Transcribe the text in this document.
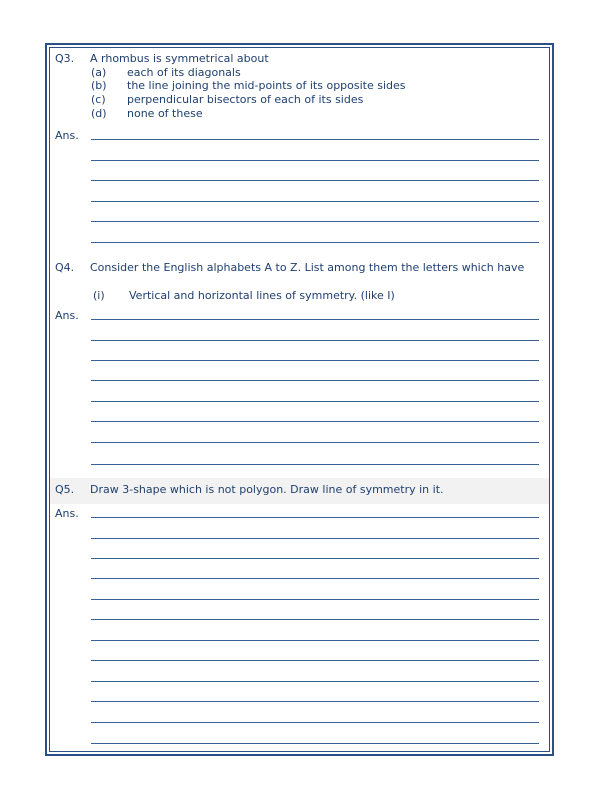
Q3. A rhombus is symmetrical about
(a) each of its diagonals
(b) the line joining the mid-points of its opposite sides
(c) perpendicular bisectors of each of its sides
(d) none of these
Ans.
Q4. Consider the English alphabets A to Z. List among them the letters which have
(i) Vertical and horizontal lines of symmetry. (like I)
Ans.
Q5. Draw 3-shape which is not polygon. Draw line of symmetry in it.
Ans.
